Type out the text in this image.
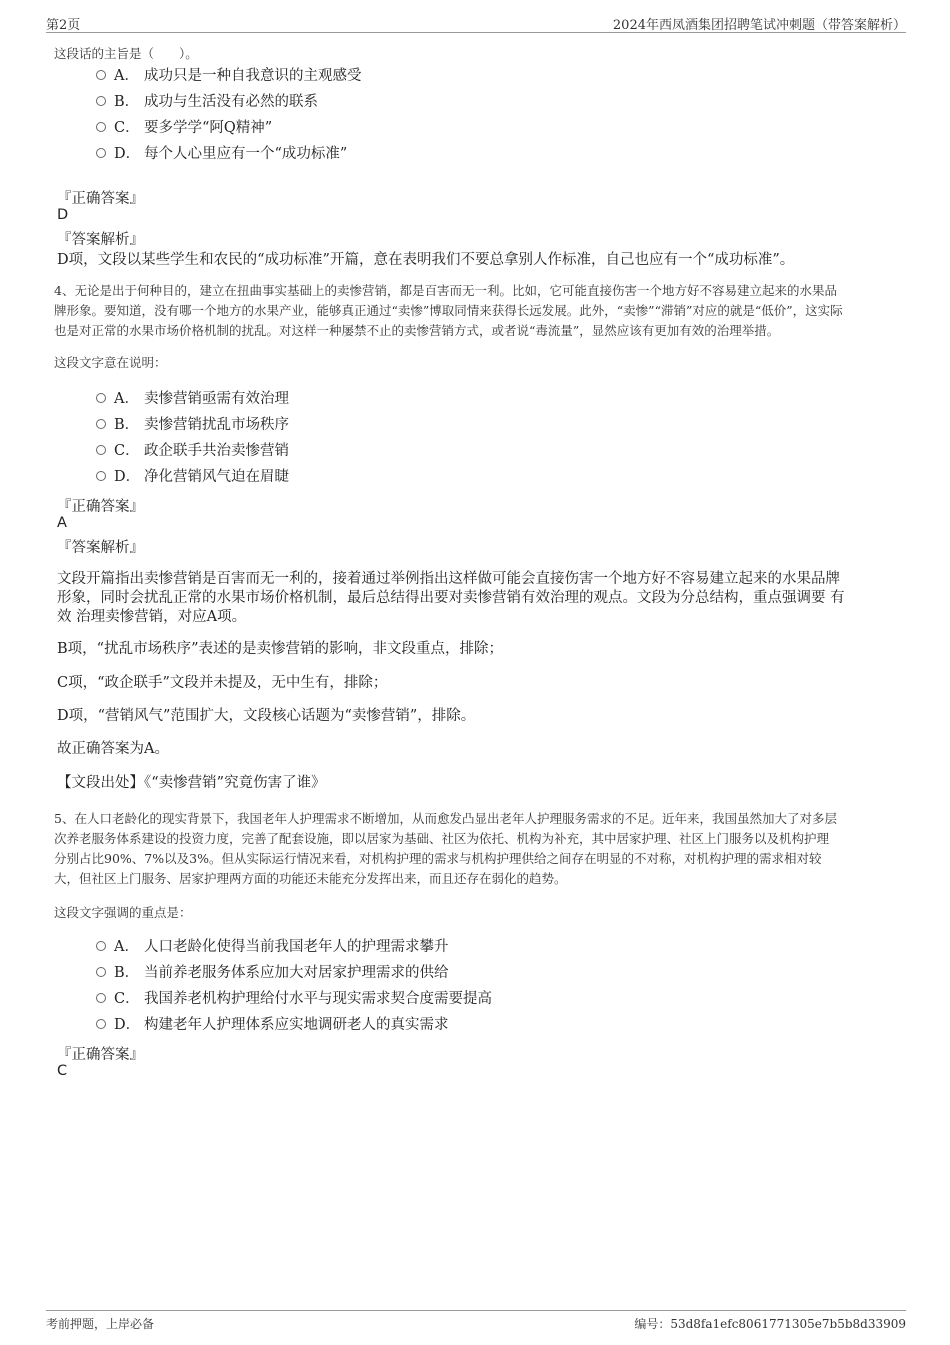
第2页	2024年西凤酒集团招聘笔试冲刺题（带答案解析）
这段话的主旨是（　　）。
A． 成功只是一种自我意识的主观感受
B． 成功与生活没有必然的联系
C． 要多学学“阿Q精神”
D． 每个人心里应有一个“成功标准”
『正确答案』
D
『答案解析』
D项，文段以某些学生和农民的“成功标准”开篇，意在表明我们不要总拿别人作标准，自己也应有一个“成功标准”。
4、无论是出于何种目的，建立在扭曲事实基础上的卖惨营销，都是百害而无一利。比如，它可能直接伤害一个地方好不容易建立起来的水果品
牌形象。要知道，没有哪一个地方的水果产业，能够真正通过“卖惨”博取同情来获得长远发展。此外，“卖惨”“滞销”对应的就是“低价”，这实际
也是对正常的水果市场价格机制的扰乱。对这样一种屡禁不止的卖惨营销方式，或者说“毒流量”，显然应该有更加有效的治理举措。
这段文字意在说明：
A． 卖惨营销亟需有效治理
B． 卖惨营销扰乱市场秩序
C． 政企联手共治卖惨营销
D． 净化营销风气迫在眉睫
『正确答案』
A
『答案解析』
文段开篇指出卖惨营销是百害而无一利的，接着通过举例指出这样做可能会直接伤害一个地方好不容易建立起来的水果品牌
形象，同时会扰乱正常的水果市场价格机制，最后总结得出要对卖惨营销有效治理的观点。文段为分总结构，重点强调要 有
效 治理卖惨营销，对应A项。
B项，“扰乱市场秩序”表述的是卖惨营销的影响，非文段重点，排除；
C项，“政企联手”文段并未提及，无中生有，排除；
D项，“营销风气”范围扩大，文段核心话题为“卖惨营销”，排除。
故正确答案为A。
【文段出处】《“卖惨营销”究竟伤害了谁》
5、在人口老龄化的现实背景下，我国老年人护理需求不断增加，从而愈发凸显出老年人护理服务需求的不足。近年来，我国虽然加大了对多层
次养老服务体系建设的投资力度，完善了配套设施，即以居家为基础、社区为依托、机构为补充，其中居家护理、社区上门服务以及机构护理
分别占比90%、7%以及3%。但从实际运行情况来看，对机构护理的需求与机构护理供给之间存在明显的不对称，对机构护理的需求相对较
大，但社区上门服务、居家护理两方面的功能还未能充分发挥出来，而且还存在弱化的趋势。
这段文字强调的重点是：
A． 人口老龄化使得当前我国老年人的护理需求攀升
B． 当前养老服务体系应加大对居家护理需求的供给
C． 我国养老机构护理给付水平与现实需求契合度需要提高
D． 构建老年人护理体系应实地调研老人的真实需求
『正确答案』
C
考前押题，上岸必备	编号：53d8fa1efc8061771305e7b5b8d33909
